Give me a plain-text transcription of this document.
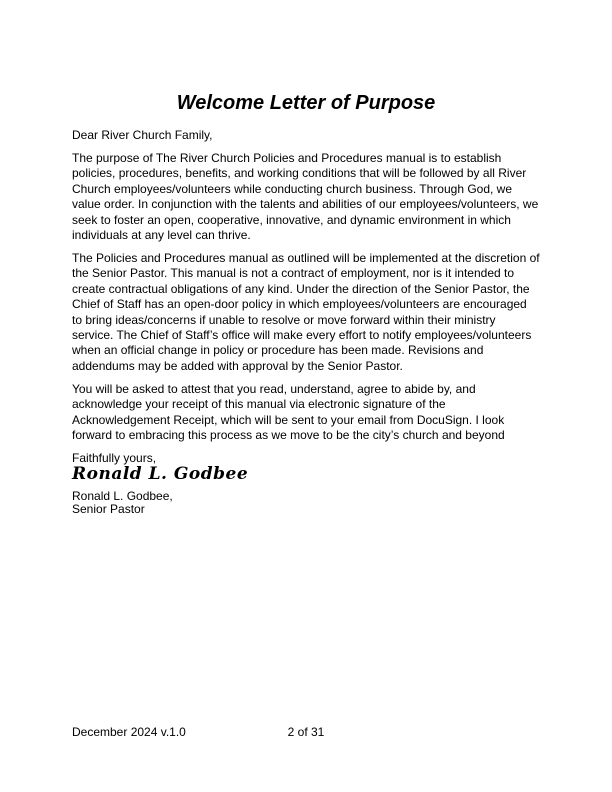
Welcome Letter of Purpose

Dear River Church Family,

The purpose of The River Church Policies and Procedures manual is to establish policies, procedures, benefits, and working conditions that will be followed by all River Church employees/volunteers while conducting church business. Through God, we value order. In conjunction with the talents and abilities of our employees/volunteers, we seek to foster an open, cooperative, innovative, and dynamic environment in which individuals at any level can thrive.

The Policies and Procedures manual as outlined will be implemented at the discretion of the Senior Pastor. This manual is not a contract of employment, nor is it intended to create contractual obligations of any kind. Under the direction of the Senior Pastor, the Chief of Staff has an open-door policy in which employees/volunteers are encouraged to bring ideas/concerns if unable to resolve or move forward within their ministry service. The Chief of Staff’s office will make every effort to notify employees/volunteers when an official change in policy or procedure has been made. Revisions and addendums may be added with approval by the Senior Pastor.

You will be asked to attest that you read, understand, agree to abide by, and acknowledge your receipt of this manual via electronic signature of the Acknowledgement Receipt, which will be sent to your email from DocuSign. I look forward to embracing this process as we move to be the city’s church and beyond

Faithfully yours,

Ronald L. Godbee
Ronald L. Godbee,
Senior Pastor
December 2024 v.1.0	2 of 31
